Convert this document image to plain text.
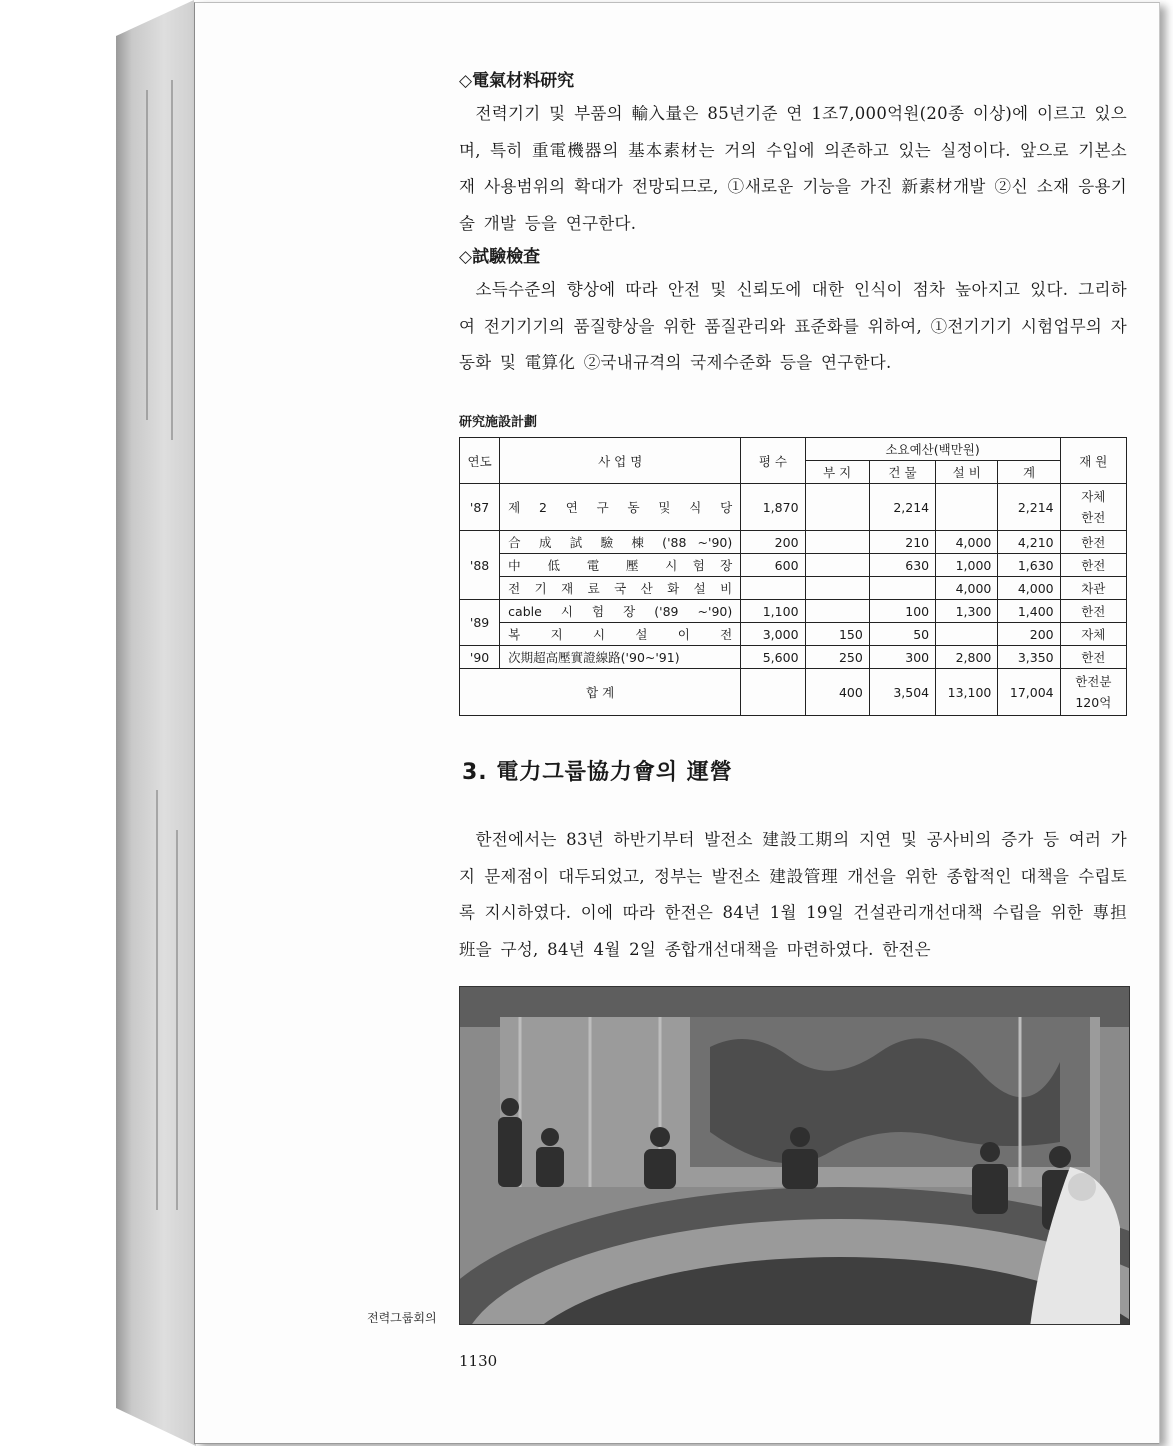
◇電氣材料研究

전력기기 및 부품의 輸入量은 85년기준 연 1조7,000억원(20종 이상)에 이르고 있으며, 특히 重電機器의 基本素材는 거의 수입에 의존하고 있는 실정이다. 앞으로 기본소재 사용범위의 확대가 전망되므로, ①새로운 기능을 가진 新素材개발 ②신 소재 응용기술 개발 등을 연구한다.

◇試驗檢査

소득수준의 향상에 따라 안전 및 신뢰도에 대한 인식이 점차 높아지고 있다. 그리하여 전기기기의 품질향상을 위한 품질관리와 표준화를 위하여, ①전기기기 시험업무의 자동화 및 電算化 ②국내규격의 국제수준화 등을 연구한다.

研究施設計劃
연도	사 업 명	평 수	소요예산(백만원)				재 원
			부 지	건 물	설 비	계	
'87	제 2 연 구 동 및 식 당	1,870		2,214		2,214	자체
한전
'88	合 成 試 驗 棟 ('88 ~'90)	200		210	4,000	4,210	한전
	中 低 電 壓 시 험 장	600		630	1,000	1,630	한전
	전 기 재 료 국 산 화 설 비				4,000	4,000	차관
'89	cable 시 험 장 ('89 ~'90)	1,100		100	1,300	1,400	한전
	복 지 시 설 이 전	3,000	150	50		200	자체
'90	次期超高壓實證線路('90~'91)	5,600	250	300	2,800	3,350	한전
합 계			400	3,504	13,100	17,004	한전분
120억
3. 電力그룹協力會의 運營

한전에서는 83년 하반기부터 발전소 建設工期의 지연 및 공사비의 증가 등 여러 가지 문제점이 대두되었고, 정부는 발전소 建設管理 개선을 위한 종합적인 대책을 수립토록 지시하였다. 이에 따라 한전은 84년 1월 19일 건설관리개선대책 수립을 위한 專担班을 구성, 84년 4월 2일 종합개선대책을 마련하였다. 한전은

전력그룹회의
1130
